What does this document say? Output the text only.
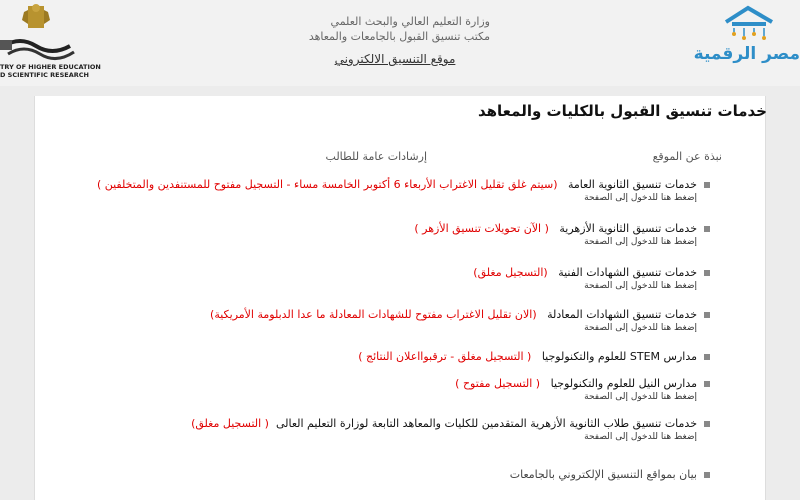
TRY OF HIGHER EDUCATION
D SCIENTIFIC RESEARCH
وزارة التعليم العالي والبحث العلمي
مكتب تنسيق القبول بالجامعات والمعاهد
موقع التنسيق الالكتروني	مصر الرقمية
خدمات تنسيق القبول بالكليات والمعاهد
نبذة عن الموقع
إرشادات عامة للطالب
خدمات تنسيق الثانوية العامة   (سيتم غلق تقليل الاغتراب الأربعاء 6 أكتوبر الخامسة مساء - التسجيل مفتوح للمستنفدين والمتخلفين )
إضغط هنا للدخول إلى الصفحة
خدمات تنسيق الثانوية الأزهرية   ( الآن تحويلات تنسيق الأزهر )
إضغط هنا للدخول إلى الصفحة
خدمات تنسيق الشهادات الفنية   (التسجيل مغلق)
إضغط هنا للدخول إلى الصفحة
خدمات تنسيق الشهادات المعادلة   (الان تقليل الاغتراب مفتوح للشهادات المعادلة ما عدا الدبلومة الأمريكية)
إضغط هنا للدخول إلى الصفحة
مدارس STEM للعلوم والتكنولوجيا   ( التسجيل مغلق - ترقبوااعلان النتائج )
مدارس النيل للعلوم والتكنولوجيا   ( التسجيل مفتوح )
إضغط هنا للدخول إلى الصفحة
خدمات تنسيق طلاب الثانوية الأزهرية المتقدمين للكليات والمعاهد التابعة لوزارة التعليم العالى  ( التسجيل مغلق)
إضغط هنا للدخول إلى الصفحة
بيان بمواقع التنسيق الإلكتروني بالجامعات
